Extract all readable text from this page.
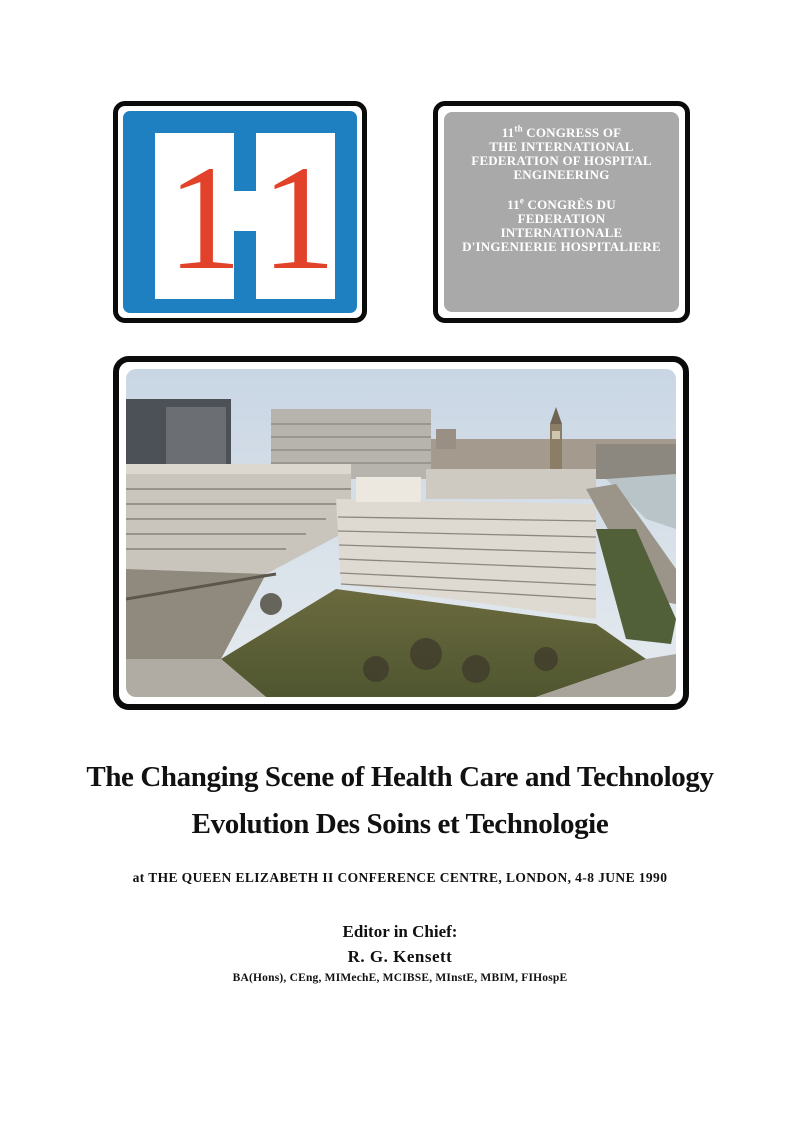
1 1

11th CONGRESS OF

THE INTERNATIONAL

FEDERATION OF HOSPITAL

ENGINEERING

11e CONGRÈS DU

FEDERATION

INTERNATIONALE

D'INGENIERIE HOSPITALIERE

The Changing Scene of Health Care and Technology
Evolution Des Soins et Technologie
at THE QUEEN ELIZABETH II CONFERENCE CENTRE, LONDON, 4-8 JUNE 1990
Editor in Chief:
R. G. Kensett
BA(Hons), CEng, MIMechE, MCIBSE, MInstE, MBIM, FIHospE
